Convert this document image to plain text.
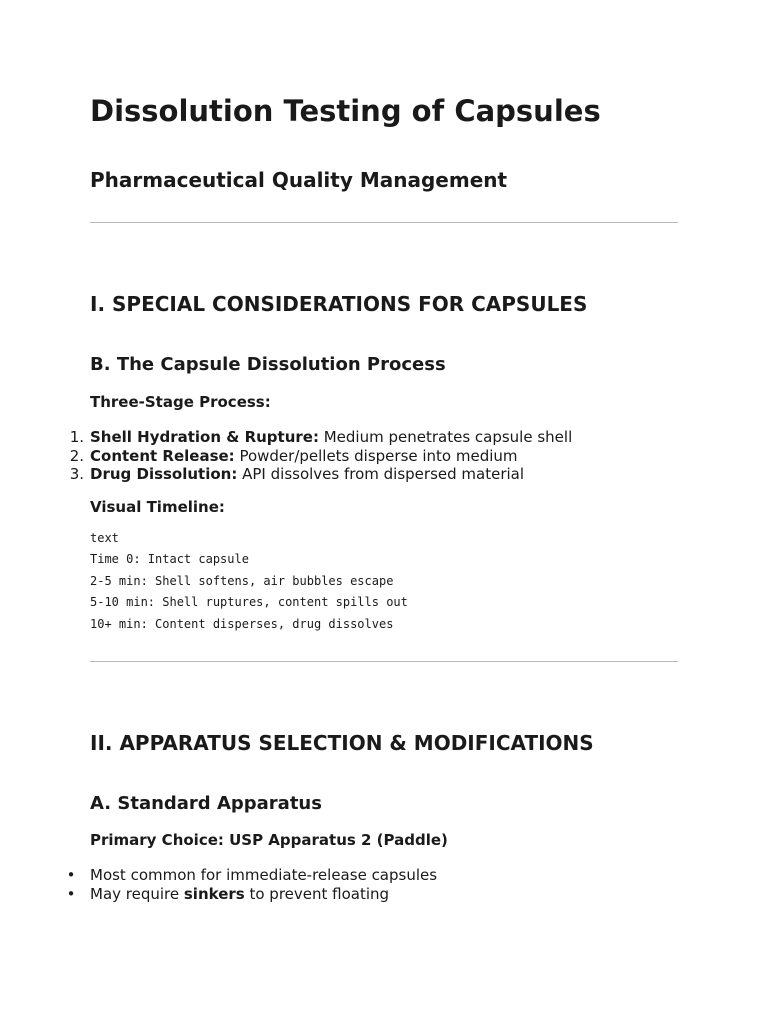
Dissolution Testing of Capsules
Pharmaceutical Quality Management
I. SPECIAL CONSIDERATIONS FOR CAPSULES
B. The Capsule Dissolution Process

Three-Stage Process:

1. Shell Hydration & Rupture: Medium penetrates capsule shell
2. Content Release: Powder/pellets disperse into medium
3. Drug Dissolution: API dissolves from dispersed material

Visual Timeline:

text
Time 0: Intact capsule
2-5 min: Shell softens, air bubbles escape
5-10 min: Shell ruptures, content spills out
10+ min: Content disperses, drug dissolves
II. APPARATUS SELECTION & MODIFICATIONS
A. Standard Apparatus

Primary Choice: USP Apparatus 2 (Paddle)

• Most common for immediate-release capsules
• May require sinkers to prevent floating
